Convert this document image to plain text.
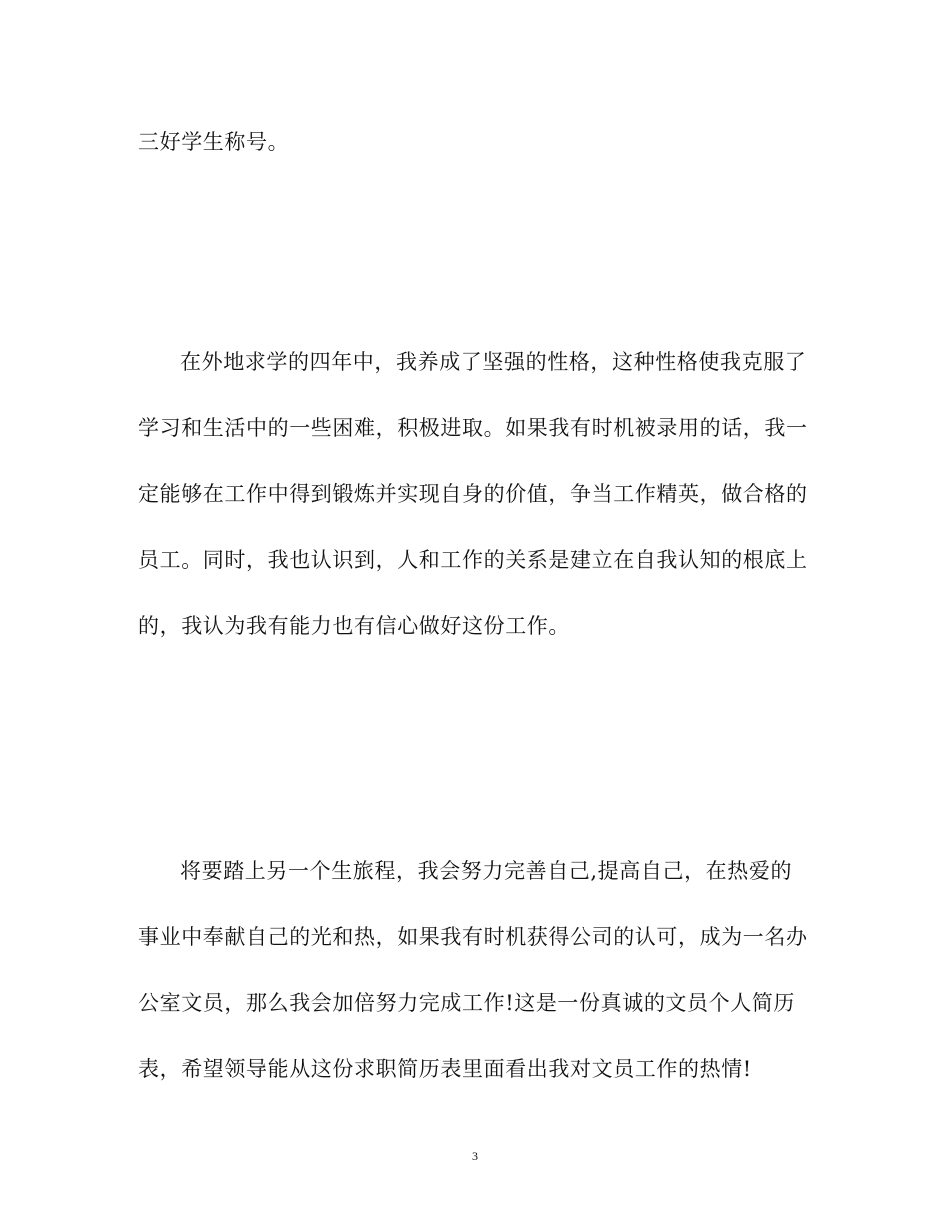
三好学生称号。
在外地求学的四年中，我养成了坚强的性格，这种性格使我克服了
学习和生活中的一些困难，积极进取。如果我有时机被录用的话，我一
定能够在工作中得到锻炼并实现自身的价值，争当工作精英，做合格的
员工。同时，我也认识到，人和工作的关系是建立在自我认知的根底上
的，我认为我有能力也有信心做好这份工作。
将要踏上另一个生旅程，我会努力完善自己,提高自己，在热爱的
事业中奉献自己的光和热，如果我有时机获得公司的认可，成为一名办
公室文员，那么我会加倍努力完成工作!这是一份真诚的文员个人简历
表，希望领导能从这份求职简历表里面看出我对文员工作的热情!
3
